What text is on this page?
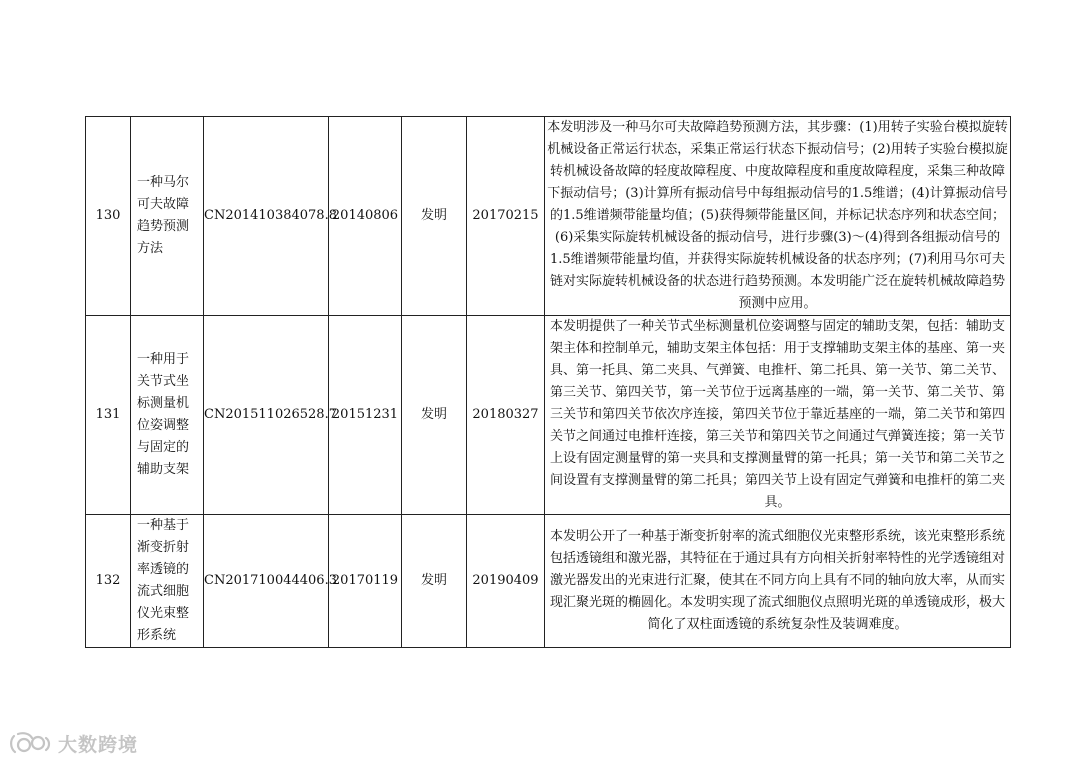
130	一种马尔可夫故障趋势预测方法	CN201410384078.8	20140806	发明	20170215	本发明涉及一种马尔可夫故障趋势预测方法，其步骤：(1)用转子实验台模拟旋转机械设备正常运行状态，采集正常运行状态下振动信号；(2)用转子实验台模拟旋转机械设备故障的轻度故障程度、中度故障程度和重度故障程度，采集三种故障下振动信号；(3)计算所有振动信号中每组振动信号的1.5维谱；(4)计算振动信号的1.5维谱频带能量均值；(5)获得频带能量区间，并标记状态序列和状态空间；(6)采集实际旋转机械设备的振动信号，进行步骤(3)～(4)得到各组振动信号的1.5维谱频带能量均值，并获得实际旋转机械设备的状态序列；(7)利用马尔可夫链对实际旋转机械设备的状态进行趋势预测。本发明能广泛在旋转机械故障趋势预测中应用。
131	一种用于关节式坐标测量机位姿调整与固定的辅助支架	CN201511026528.7	20151231	发明	20180327	本发明提供了一种关节式坐标测量机位姿调整与固定的辅助支架，包括：辅助支架主体和控制单元，辅助支架主体包括：用于支撑辅助支架主体的基座、第一夹具、第一托具、第二夹具、气弹簧、电推杆、第二托具、第一关节、第二关节、第三关节、第四关节，第一关节位于远离基座的一端，第一关节、第二关节、第三关节和第四关节依次序连接，第四关节位于靠近基座的一端，第二关节和第四关节之间通过电推杆连接，第三关节和第四关节之间通过气弹簧连接；第一关节上设有固定测量臂的第一夹具和支撑测量臂的第一托具；第一关节和第二关节之间设置有支撑测量臂的第二托具；第四关节上设有固定气弹簧和电推杆的第二夹具。
132	一种基于渐变折射率透镜的流式细胞仪光束整形系统	CN201710044406.3	20170119	发明	20190409	本发明公开了一种基于渐变折射率的流式细胞仪光束整形系统，该光束整形系统包括透镜组和激光器，其特征在于通过具有方向相关折射率特性的光学透镜组对激光器发出的光束进行汇聚，使其在不同方向上具有不同的轴向放大率，从而实现汇聚光斑的椭圆化。本发明实现了流式细胞仪点照明光斑的单透镜成形，极大简化了双柱面透镜的系统复杂性及装调难度。
大数跨境
